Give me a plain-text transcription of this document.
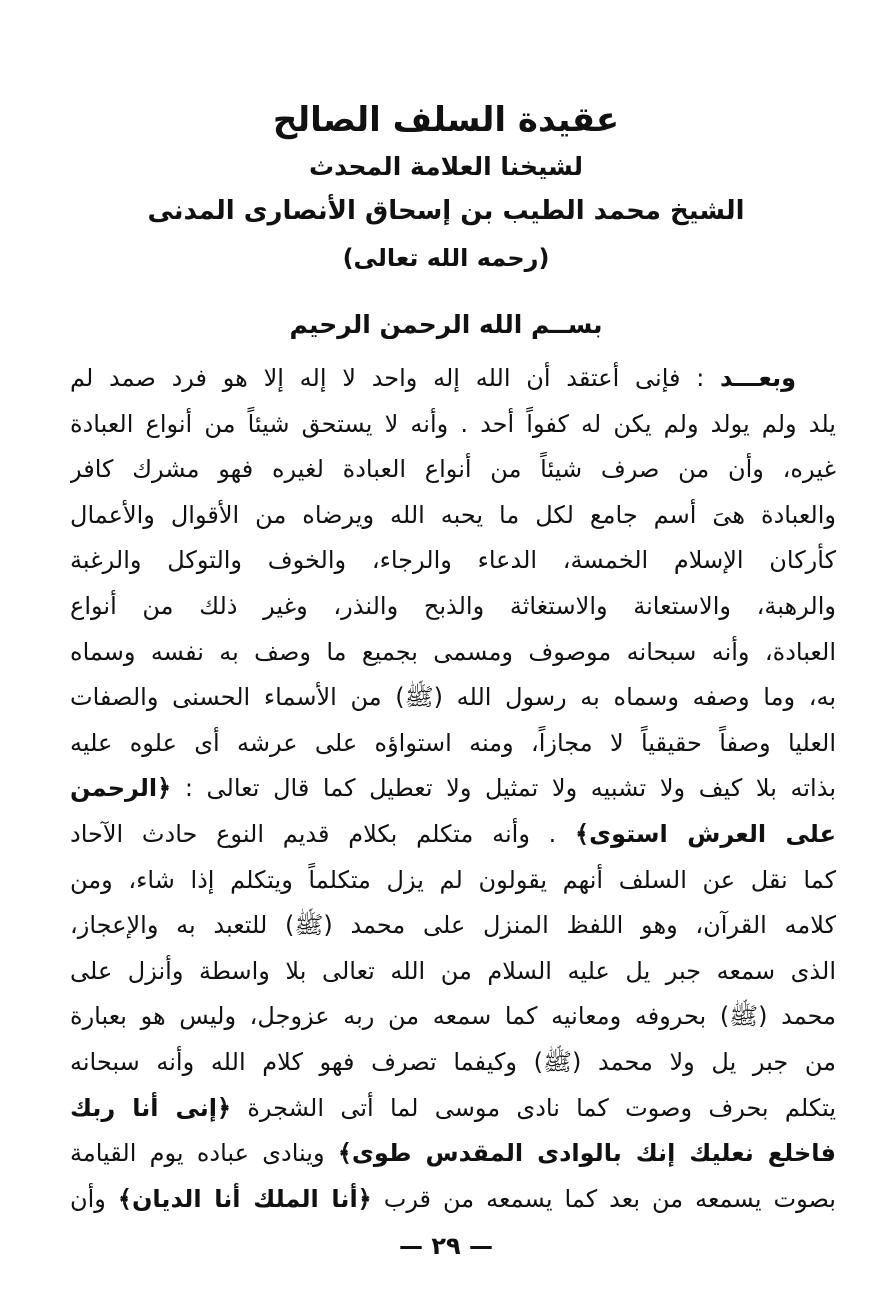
عقيدة السلف الصالح
لشيخنا العلامة المحدث
الشيخ محمد الطيب بن إسحاق الأنصارى المدنى
(رحمه الله تعالى)
بســم الله الرحمن الرحيم
وبعـــد : فإنى أعتقد أن الله إله واحد لا إله إلا هو فرد صمد لم
يلد ولم يولد ولم يكن له كفواً أحد . وأنه لا يستحق شيئاً من أنواع العبادة
غيره، وأن من صرف شيئاً من أنواع العبادة لغيره فهو مشرك كافر
والعبادة هىَ أسم جامع لكل ما يحبه الله ويرضاه من الأقوال والأعمال
كأركان الإسلام الخمسة، الدعاء والرجاء، والخوف والتوكل والرغبة
والرهبة، والاستعانة والاستغاثة والذبح والنذر، وغير ذلك من أنواع
العبادة، وأنه سبحانه موصوف ومسمى بجميع ما وصف به نفسه وسماه
به، وما وصفه وسماه به رسول الله (ﷺ) من الأسماء الحسنى والصفات
العليا وصفاً حقيقياً لا مجازاً، ومنه استواؤه على عرشه أى علوه عليه
بذاته بلا كيف ولا تشبيه ولا تمثيل ولا تعطيل كما قال تعالى : ﴿الرحمن
على العرش استوى﴾ . وأنه متكلم بكلام قديم النوع حادث الآحاد
كما نقل عن السلف أنهم يقولون لم يزل متكلماً ويتكلم إذا شاء، ومن
كلامه القرآن، وهو اللفظ المنزل على محمد (ﷺ) للتعبد به والإعجاز،
الذى سمعه جبر يل عليه السلام من الله تعالى بلا واسطة وأنزل على
محمد (ﷺ) بحروفه ومعانيه كما سمعه من ربه عزوجل، وليس هو بعبارة
من جبر يل ولا محمد (ﷺ) وكيفما تصرف فهو كلام الله وأنه سبحانه
يتكلم بحرف وصوت كما نادى موسى لما أتى الشجرة ﴿إنى أنا ربك
فاخلع نعليك إنك بالوادى المقدس طوى﴾ وينادى عباده يوم القيامة
بصوت يسمعه من بعد كما يسمعه من قرب ﴿أنا الملك أنا الديان﴾ وأن
— ٢٩ —
